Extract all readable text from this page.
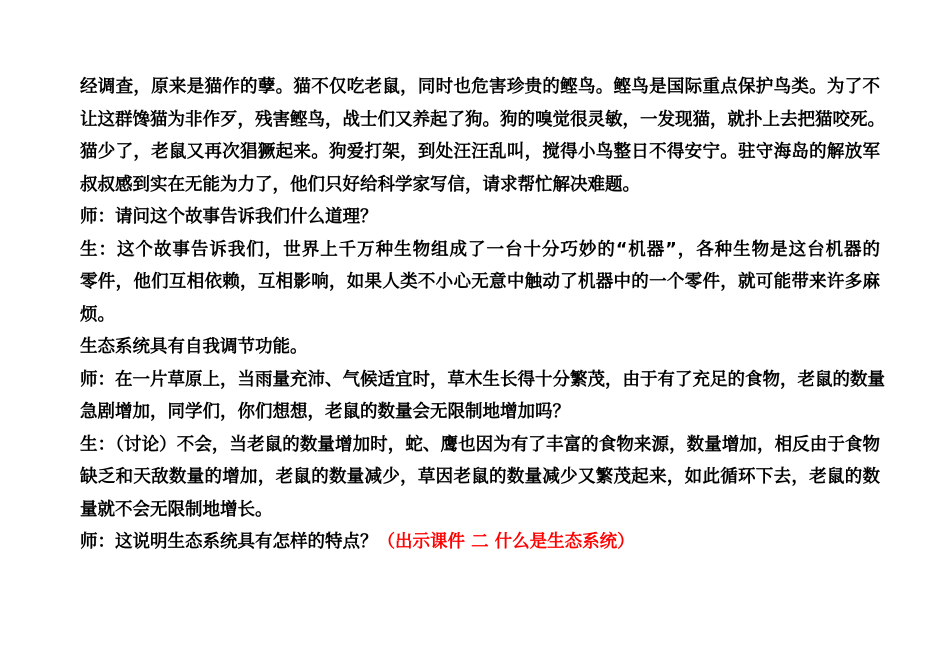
经调查，原来是猫作的孽。猫不仅吃老鼠，同时也危害珍贵的鲣鸟。鲣鸟是国际重点保护鸟类。为了不
让这群馋猫为非作歹，残害鲣鸟，战士们又养起了狗。狗的嗅觉很灵敏，一发现猫，就扑上去把猫咬死。
猫少了，老鼠又再次猖獗起来。狗爱打架，到处汪汪乱叫，搅得小鸟整日不得安宁。驻守海岛的解放军
叔叔感到实在无能为力了，他们只好给科学家写信，请求帮忙解决难题。
师：请问这个故事告诉我们什么道理？
生：这个故事告诉我们，世界上千万种生物组成了一台十分巧妙的“机器”，各种生物是这台机器的
零件，他们互相依赖，互相影响，如果人类不小心无意中触动了机器中的一个零件，就可能带来许多麻
烦。
生态系统具有自我调节功能。
师：在一片草原上，当雨量充沛、气候适宜时，草木生长得十分繁茂，由于有了充足的食物，老鼠的数量
急剧增加，同学们，你们想想，老鼠的数量会无限制地增加吗？
生：（讨论）不会，当老鼠的数量增加时，蛇、鹰也因为有了丰富的食物来源，数量增加，相反由于食物
缺乏和天敌数量的增加，老鼠的数量减少，草因老鼠的数量减少又繁茂起来，如此循环下去，老鼠的数
量就不会无限制地增长。
师：这说明生态系统具有怎样的特点？（出示课件 二 什么是生态系统）
